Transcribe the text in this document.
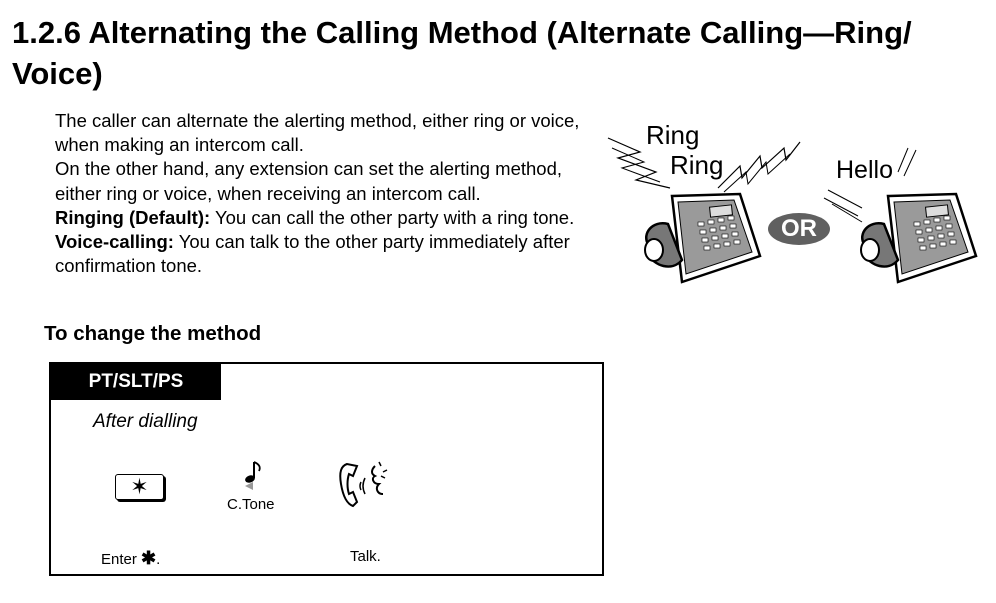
1.2.6 Alternating the Calling Method (Alternate Calling—Ring/ Voice)

The caller can alternate the alerting method, either ring or voice, when making an intercom call.

On the other hand, any extension can set the alerting method, either ring or voice, when receiving an intercom call.

Ringing (Default): You can call the other party with a ring tone.

Voice-calling: You can talk to the other party immediately after confirmation tone.

Ring
Ring
OR
Hello
To change the method
PT/SLT/PS
After dialling
✶
C.Tone
Enter ✱.	Talk.
